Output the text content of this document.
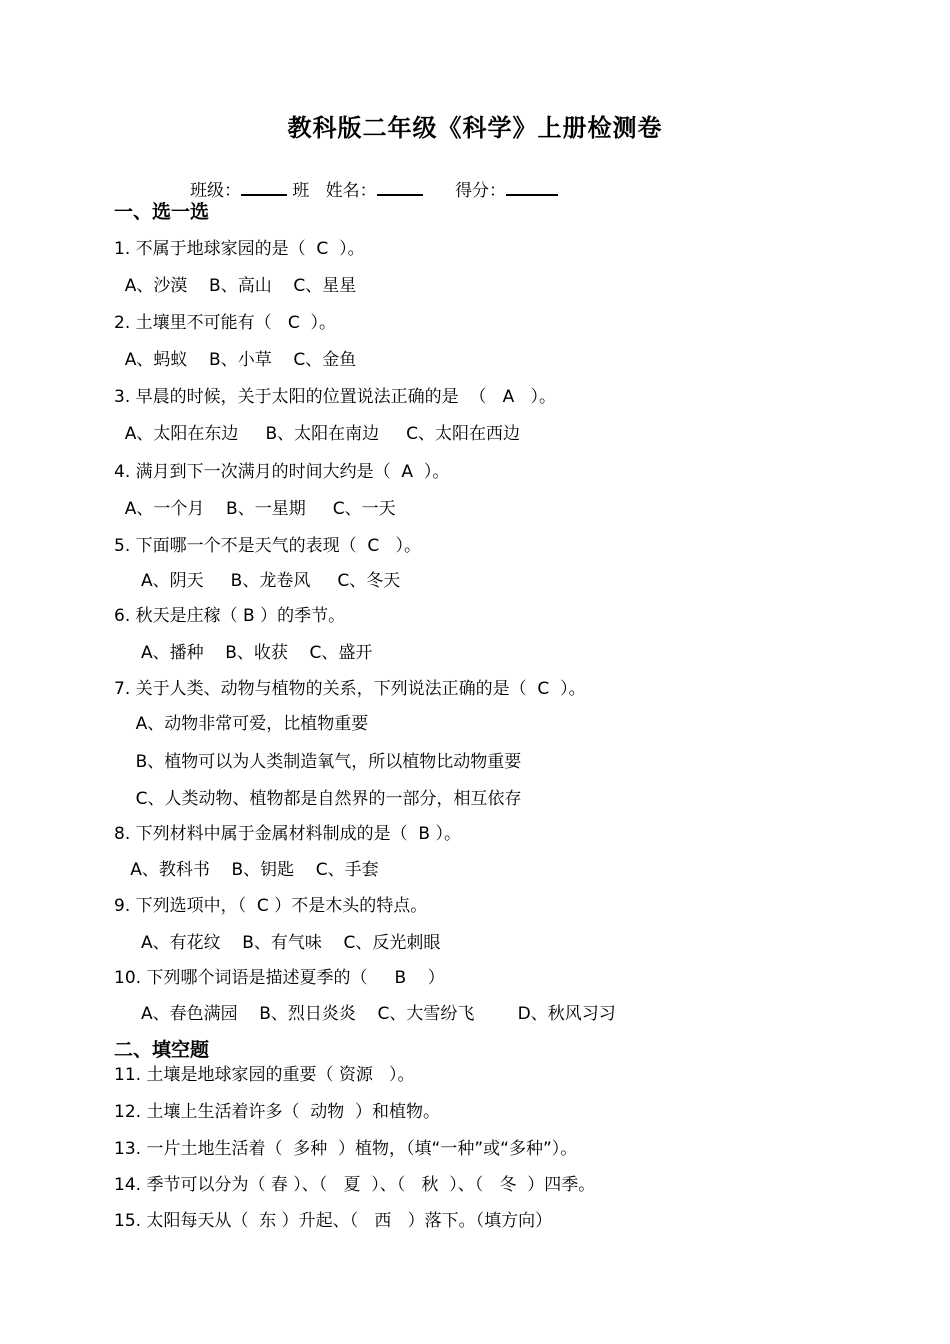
教科版二年级《科学》上册检测卷
班级：	班 姓名：	得分：
一、选一选
1. 不属于地球家园的是（  C  ）。
A、沙漠    B、高山    C、星星
2. 土壤里不可能有（   C  ）。
A、蚂蚁    B、小草    C、金鱼
3. 早晨的时候，关于太阳的位置说法正确的是  （   A   ）。
A、太阳在东边     B、太阳在南边     C、太阳在西边
4. 满月到下一次满月的时间大约是（  A  ）。
A、一个月    B、一星期     C、一天
5. 下面哪一个不是天气的表现（  C   ）。
A、阴天     B、龙卷风     C、冬天
6. 秋天是庄稼（ B ）的季节。
A、播种    B、收获    C、盛开
7. 关于人类、动物与植物的关系，下列说法正确的是（  C  ）。
A、动物非常可爱，比植物重要
B、植物可以为人类制造氧气，所以植物比动物重要
C、人类动物、植物都是自然界的一部分，相互依存
8. 下列材料中属于金属材料制成的是（  B ）。
A、教科书    B、钥匙    C、手套
9. 下列选项中，（  C ）不是木头的特点。
A、有花纹    B、有气味    C、反光刺眼
10. 下列哪个词语是描述夏季的（     B    ）
A、春色满园    B、烈日炎炎    C、大雪纷飞        D、秋风习习
二、填空题
11. 土壤是地球家园的重要（ 资源   ）。
12. 土壤上生活着许多（  动物  ）和植物。
13. 一片土地生活着（  多种  ）植物，（填“一种”或“多种”）。
14. 季节可以分为（ 春 ）、（   夏  ）、（   秋  ）、（   冬  ）四季。
15. 太阳每天从（  东 ）升起、（   西   ）落下。（填方向）
